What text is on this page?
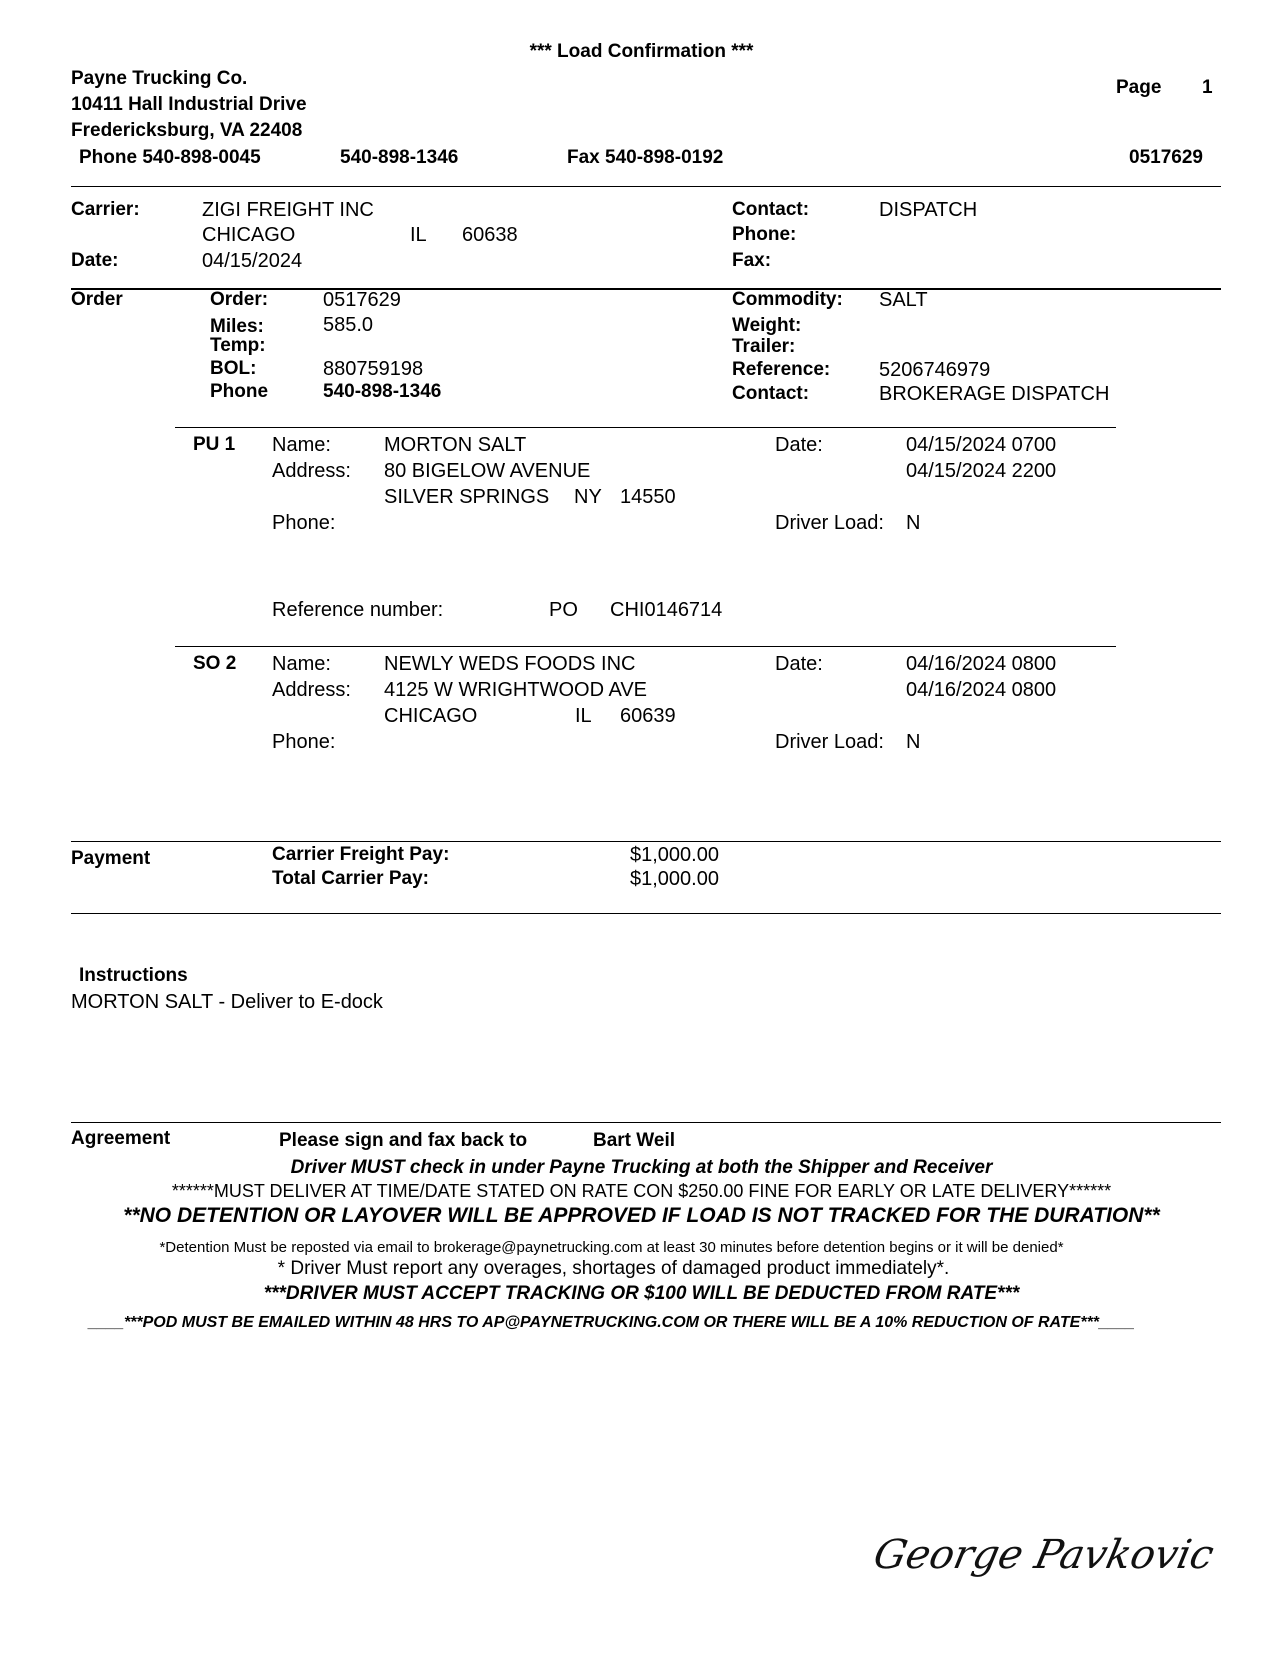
*** Load Confirmation ***
Payne Trucking Co.
10411 Hall Industrial Drive
Fredericksburg, VA 22408
Phone 540-898-0045	540-898-1346	Fax 540-898-0192
Page 1
0517629
Carrier:	ZIGI FREIGHT INC
CHICAGO	IL 60638
Date:	04/15/2024
Contact:	DISPATCH
Phone:
Fax:
Order	Order:	0517629
Miles:	585.0
Temp:
BOL:	880759198
Phone	540-898-1346
Commodity: SALT
Weight:
Trailer:
Reference: 5206746979
Contact:	BROKERAGE DISPATCH
PU 1 Name:	MORTON SALT
Address: 80 BIGELOW AVENUE
SILVER SPRINGS NY 14550
Phone:
Date:	04/15/2024 0700
04/15/2024 2200
Driver Load: N
Reference number:	PO CHI0146714
SO 2 Name:	NEWLY WEDS FOODS INC
Address: 4125 W WRIGHTWOOD AVE
CHICAGO	IL 60639
Phone:
Date:	04/16/2024 0800
04/16/2024 0800
Driver Load: N
Payment	Carrier Freight Pay:	$1,000.00
Total Carrier Pay:	$1,000.00
Instructions
MORTON SALT - Deliver to E-dock
Agreement	Please sign and fax back to	Bart Weil
Driver MUST check in under Payne Trucking at both the Shipper and Receiver
******MUST DELIVER AT TIME/DATE STATED ON RATE CON $250.00 FINE FOR EARLY OR LATE DELIVERY******
**NO DETENTION OR LAYOVER WILL BE APPROVED IF LOAD IS NOT TRACKED FOR THE DURATION**
*Detention Must be reposted via email to brokerage@paynetrucking.com at least 30 minutes before detention begins or it will be denied*
* Driver Must report any overages, shortages of damaged product immediately*.
***DRIVER MUST ACCEPT TRACKING OR $100 WILL BE DEDUCTED FROM RATE***
____***POD MUST BE EMAILED WITHIN 48 HRS TO AP@PAYNETRUCKING.COM OR THERE WILL BE A 10% REDUCTION OF RATE***____
George Pavkovic
